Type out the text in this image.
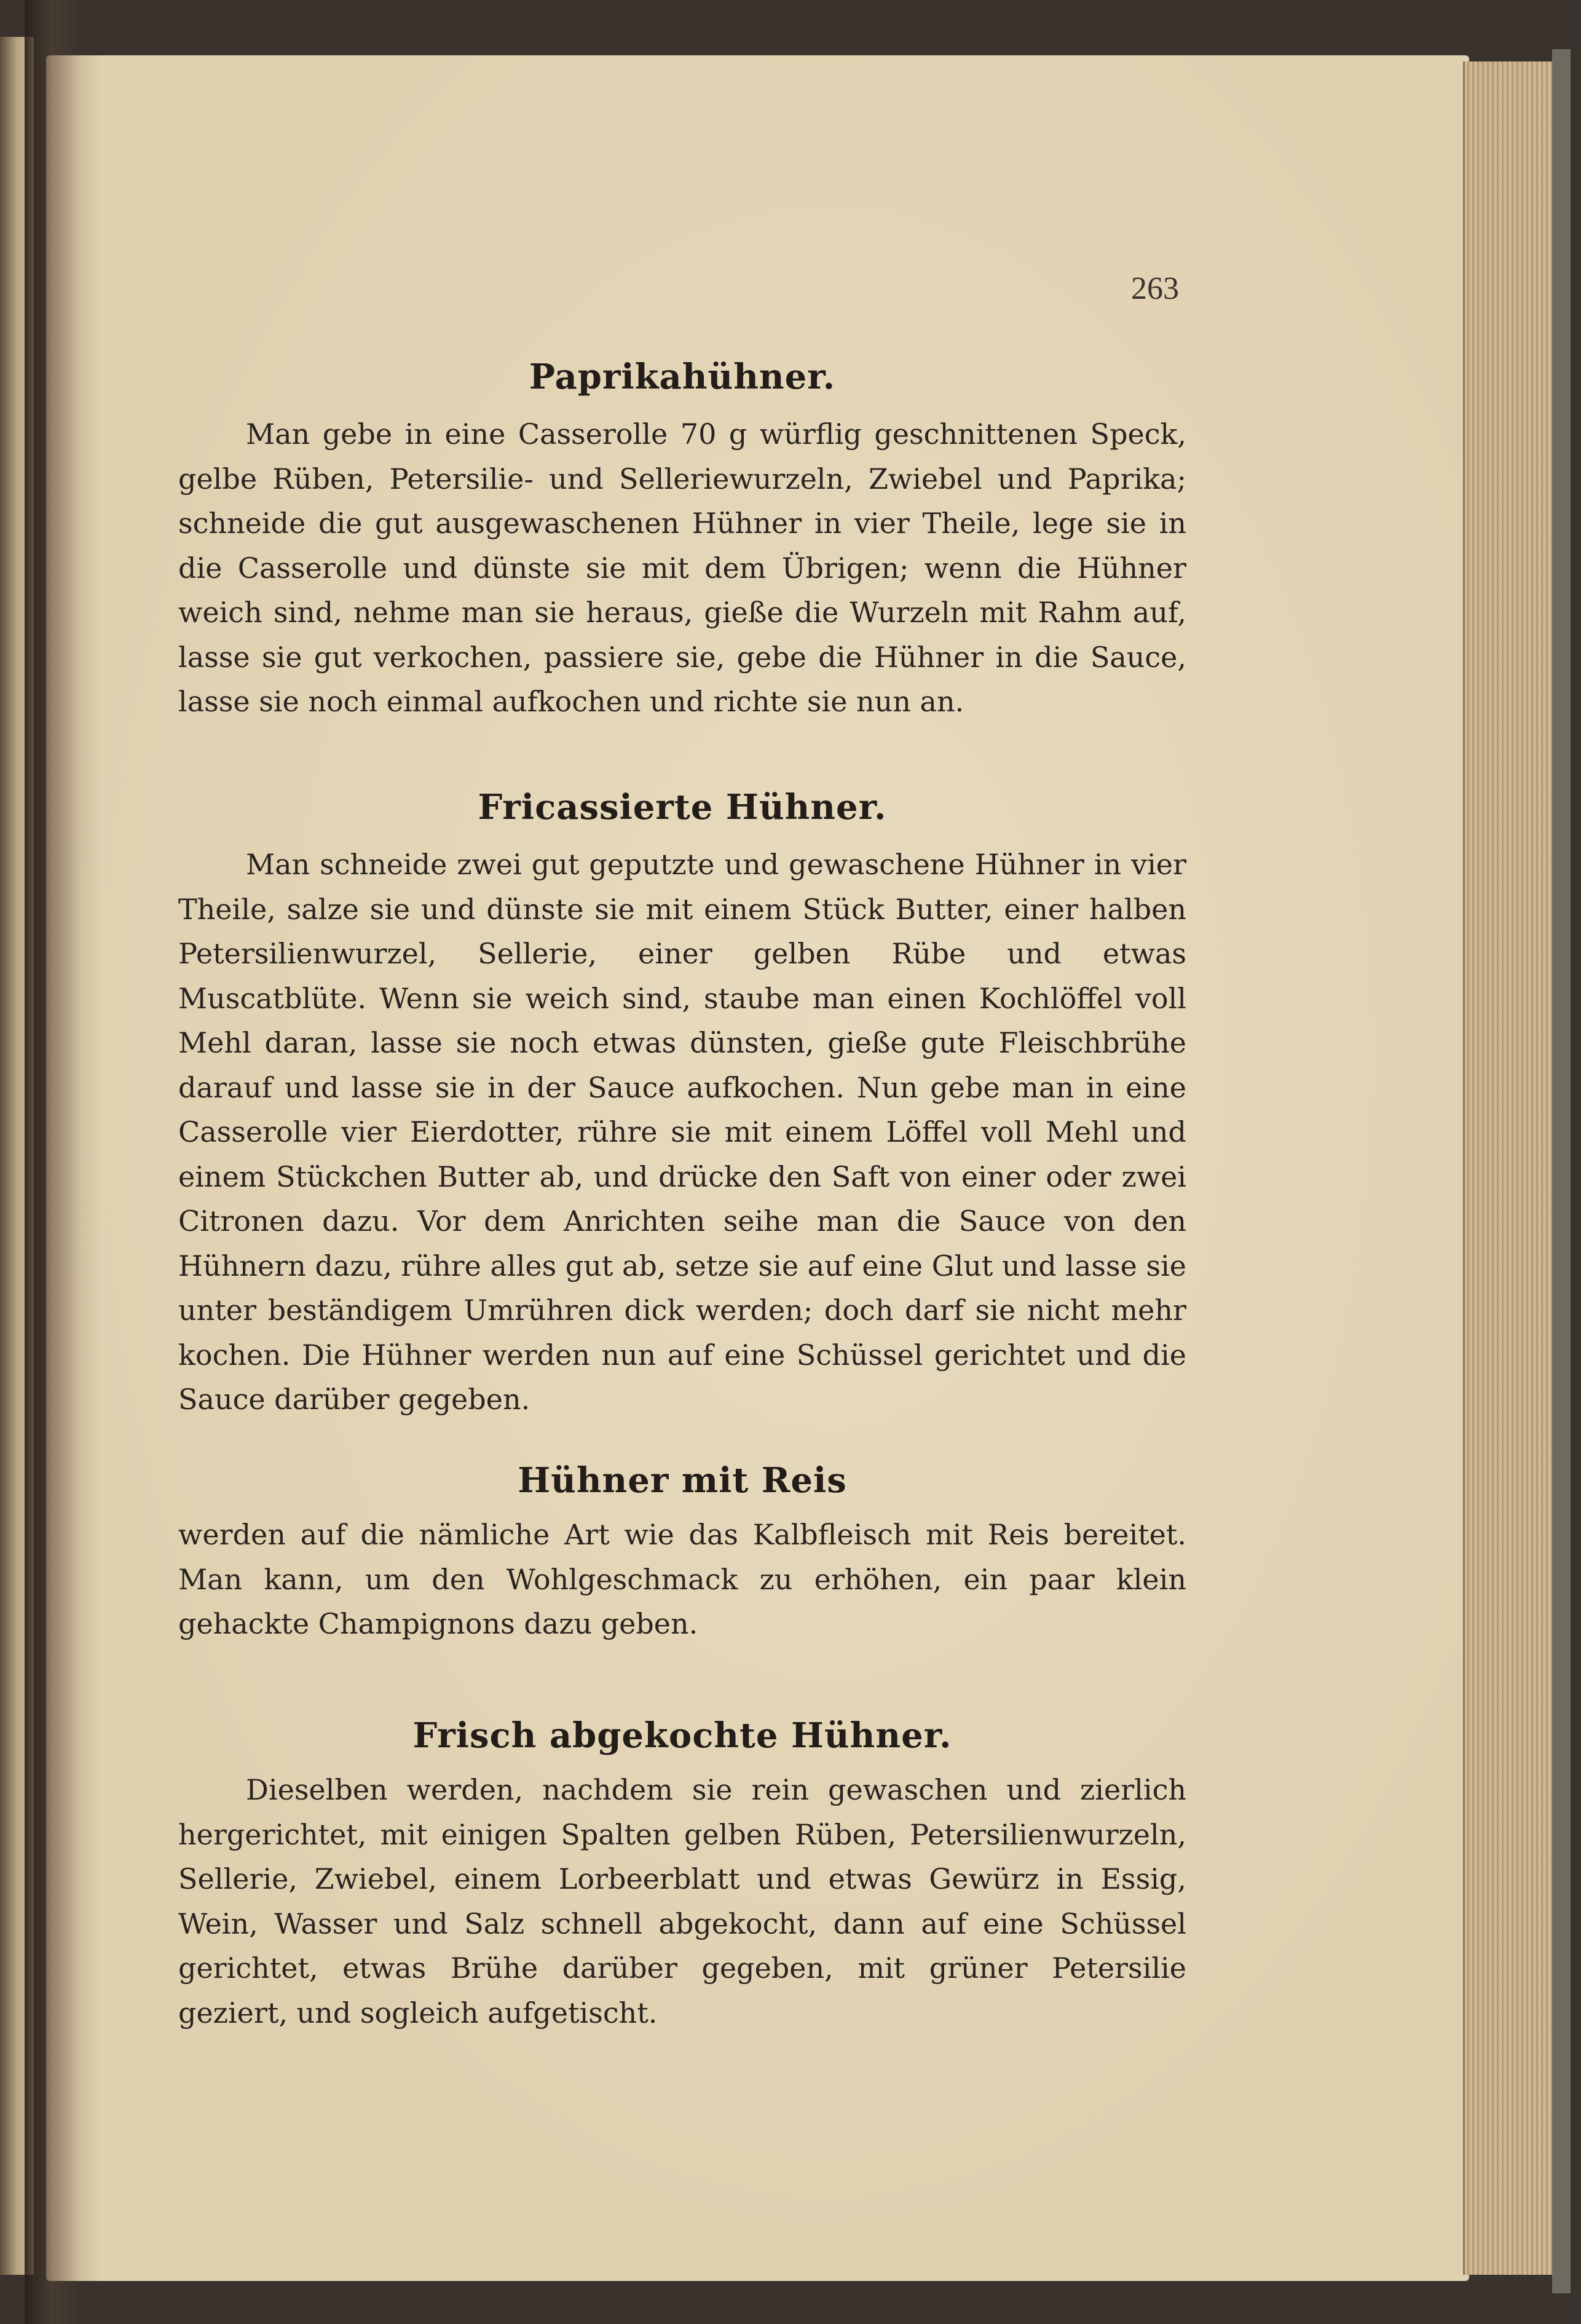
263
Paprikahühner.

Man gebe in eine Casserolle 70 g würflig geschnittenen Speck, gelbe Rüben, Petersilie- und Selleriewurzeln, Zwiebel und Paprika; schneide die gut ausgewaschenen Hühner in vier Theile, lege sie in die Casserolle und dünste sie mit dem Übrigen; wenn die Hühner weich sind, nehme man sie heraus, gieße die Wurzeln mit Rahm auf, lasse sie gut verkochen, passiere sie, gebe die Hühner in die Sauce, lasse sie noch einmal aufkochen und richte sie nun an.

Fricassierte Hühner.

Man schneide zwei gut geputzte und gewaschene Hühner in vier Theile, salze sie und dünste sie mit einem Stück Butter, einer halben Petersilienwurzel, Sellerie, einer gelben Rübe und etwas Muscatblüte. Wenn sie weich sind, staube man einen Kochlöffel voll Mehl daran, lasse sie noch etwas dünsten, gieße gute Fleischbrühe darauf und lasse sie in der Sauce aufkochen. Nun gebe man in eine Casserolle vier Eierdotter, rühre sie mit einem Löffel voll Mehl und einem Stückchen Butter ab, und drücke den Saft von einer oder zwei Citronen dazu. Vor dem Anrichten seihe man die Sauce von den Hühnern dazu, rühre alles gut ab, setze sie auf eine Glut und lasse sie unter beständigem Umrühren dick werden; doch darf sie nicht mehr kochen. Die Hühner werden nun auf eine Schüssel gerichtet und die Sauce darüber gegeben.

Hühner mit Reis

werden auf die nämliche Art wie das Kalbfleisch mit Reis bereitet. Man kann, um den Wohlgeschmack zu erhöhen, ein paar klein gehackte Champignons dazu geben.

Frisch abgekochte Hühner.

Dieselben werden, nachdem sie rein gewaschen und zierlich hergerichtet, mit einigen Spalten gelben Rüben, Petersilienwurzeln, Sellerie, Zwiebel, einem Lorbeerblatt und etwas Gewürz in Essig, Wein, Wasser und Salz schnell abgekocht, dann auf eine Schüssel gerichtet, etwas Brühe darüber gegeben, mit grüner Petersilie geziert, und sogleich aufgetischt.
